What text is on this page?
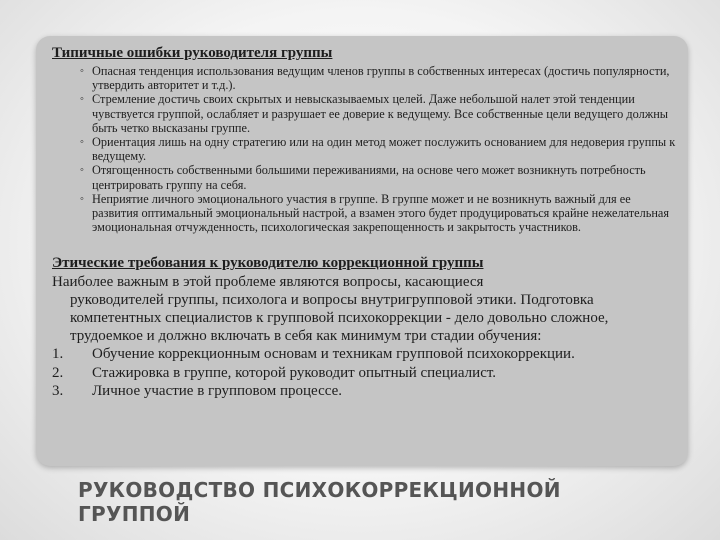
Типичные ошибки руководителя группы
◦ Опасная тенденция использования ведущим членов группы в собственных интересах (достичь популярности, утвердить авторитет и т.д.).
◦ Стремление достичь своих скрытых и невысказываемых целей. Даже небольшой налет этой тенденции чувствуется группой, ослабляет и разрушает ее доверие к ведущему. Все собственные цели ведущего должны быть четко высказаны группе.
◦ Ориентация лишь на одну стратегию или на один метод может послужить основанием для недоверия группы к ведущему.
◦ Отягощенность собственными большими переживаниями, на основе чего может возникнуть потребность центрировать группу на себя.
◦ Неприятие личного эмоционального участия в группе. В группе может и не возникнуть важный для ее развития оптимальный эмоциональный настрой, а взамен этого будет продуцироваться крайне нежелательная эмоциональная отчужденность, психологическая закрепощенность и закрытость участников.
Этические требования к руководителю коррекционной группы
Наиболее важным в этой проблеме являются вопросы, касающиеся
руководителей группы, психолога и вопросы внутригрупповой этики. Подготовка компетентных специалистов к групповой психокоррекции - дело довольно сложное, трудоемкое и должно включать в себя как минимум три стадии обучения:
1.	Обучение коррекционным основам и техникам групповой психокоррекции.
2.	Стажировка в группе, которой руководит опытный специалист.
3.	Личное участие в групповом процессе.
РУКОВОДСТВО ПСИХОКОРРЕКЦИОННОЙ ГРУППОЙ
